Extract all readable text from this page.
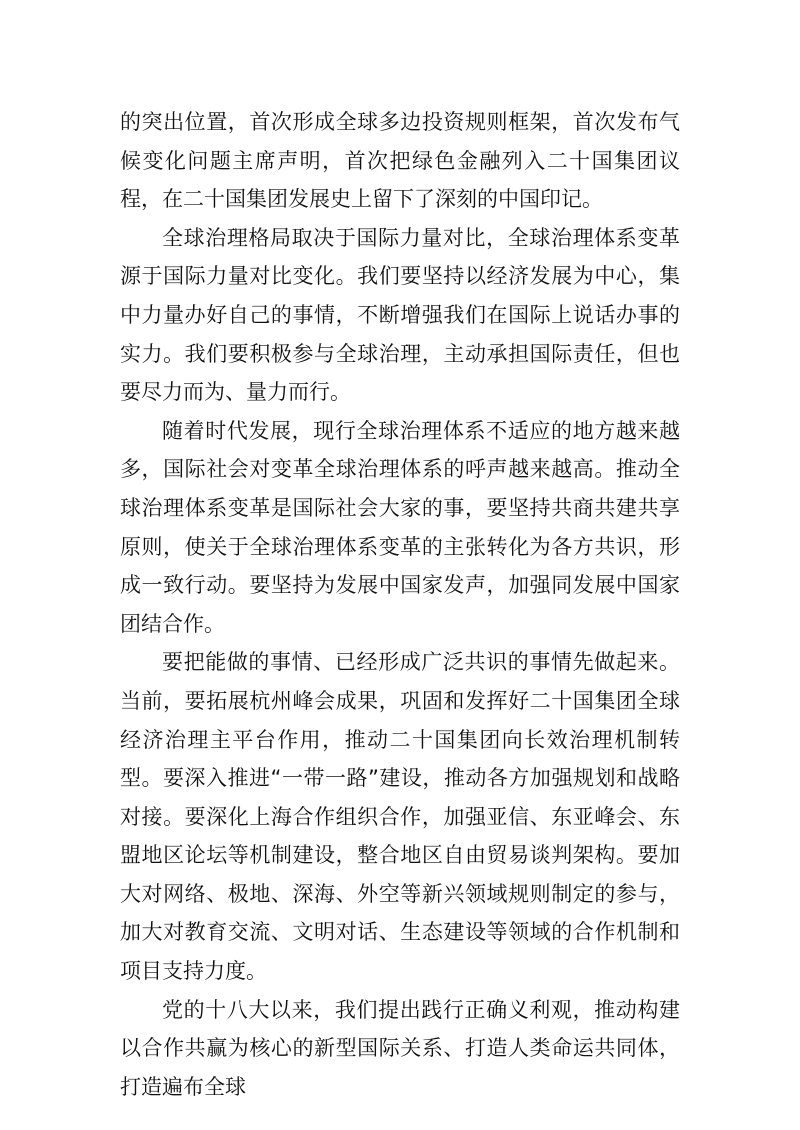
的突出位置，首次形成全球多边投资规则框架，首次发布气候变化问题主席声明，首次把绿色金融列入二十国集团议程，在二十国集团发展史上留下了深刻的中国印记。

全球治理格局取决于国际力量对比，全球治理体系变革源于国际力量对比变化。我们要坚持以经济发展为中心，集中力量办好自己的事情，不断增强我们在国际上说话办事的实力。我们要积极参与全球治理，主动承担国际责任，但也要尽力而为、量力而行。

随着时代发展，现行全球治理体系不适应的地方越来越多，国际社会对变革全球治理体系的呼声越来越高。推动全球治理体系变革是国际社会大家的事，要坚持共商共建共享原则，使关于全球治理体系变革的主张转化为各方共识，形成一致行动。要坚持为发展中国家发声，加强同发展中国家团结合作。

要把能做的事情、已经形成广泛共识的事情先做起来。当前，要拓展杭州峰会成果，巩固和发挥好二十国集团全球经济治理主平台作用，推动二十国集团向长效治理机制转型。要深入推进“一带一路”建设，推动各方加强规划和战略对接。要深化上海合作组织合作，加强亚信、东亚峰会、东盟地区论坛等机制建设，整合地区自由贸易谈判架构。要加大对网络、极地、深海、外空等新兴领域规则制定的参与，加大对教育交流、文明对话、生态建设等领域的合作机制和项目支持力度。

党的十八大以来，我们提出践行正确义利观，推动构建以合作共赢为核心的新型国际关系、打造人类命运共同体，打造遍布全球
